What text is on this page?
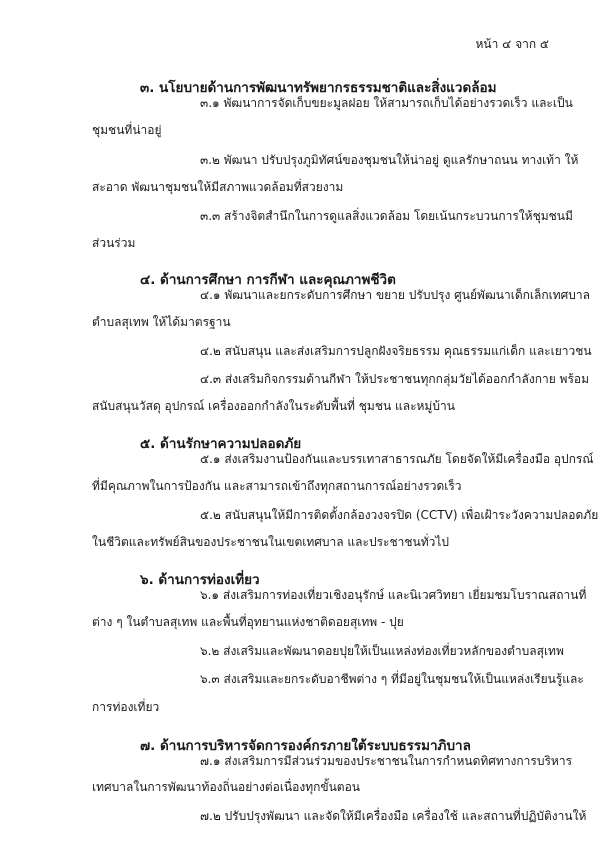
หน้า ๔ จาก ๕
๓. นโยบายด้านการพัฒนาทรัพยากรธรรมชาติและสิ่งแวดล้อม
๓.๑ พัฒนาการจัดเก็บขยะมูลฝอย ให้สามารถเก็บได้อย่างรวดเร็ว และเป็น
ชุมชนที่น่าอยู่
๓.๒ พัฒนา ปรับปรุงภูมิทัศน์ของชุมชนให้น่าอยู่ ดูแลรักษาถนน ทางเท้า ให้
สะอาด พัฒนาชุมชนให้มีสภาพแวดล้อมที่สวยงาม
๓.๓ สร้างจิตสำนึกในการดูแลสิ่งแวดล้อม โดยเน้นกระบวนการให้ชุมชนมี
ส่วนร่วม
๔. ด้านการศึกษา การกีฬา และคุณภาพชีวิต
๔.๑ พัฒนาและยกระดับการศึกษา ขยาย ปรับปรุง ศูนย์พัฒนาเด็กเล็กเทศบาล
ตำบลสุเทพ ให้ได้มาตรฐาน
๔.๒ สนับสนุน และส่งเสริมการปลูกฝังจริยธรรม คุณธรรมแก่เด็ก และเยาวชน
๔.๓ ส่งเสริมกิจกรรมด้านกีฬา ให้ประชาชนทุกกลุ่มวัยได้ออกกำลังกาย พร้อม
สนับสนุนวัสดุ อุปกรณ์ เครื่องออกกำลังในระดับพื้นที่ ชุมชน และหมู่บ้าน
๕. ด้านรักษาความปลอดภัย
๕.๑ ส่งเสริมงานป้องกันและบรรเทาสาธารณภัย โดยจัดให้มีเครื่องมือ อุปกรณ์
ที่มีคุณภาพในการป้องกัน และสามารถเข้าถึงทุกสถานการณ์อย่างรวดเร็ว
๕.๒ สนับสนุนให้มีการติดตั้งกล้องวงจรปิด (CCTV) เพื่อเฝ้าระวังความปลอดภัย
ในชีวิตและทรัพย์สินของประชาชนในเขตเทศบาล และประชาชนทั่วไป
๖. ด้านการท่องเที่ยว
๖.๑ ส่งเสริมการท่องเที่ยวเชิงอนุรักษ์ และนิเวศวิทยา เยี่ยมชมโบราณสถานที่
ต่าง ๆ ในตำบลสุเทพ และพื้นที่อุทยานแห่งชาติดอยสุเทพ - ปุย
๖.๒ ส่งเสริมและพัฒนาดอยปุยให้เป็นแหล่งท่องเที่ยวหลักของตำบลสุเทพ
๖.๓ ส่งเสริมและยกระดับอาชีพต่าง ๆ ที่มีอยู่ในชุมชนให้เป็นแหล่งเรียนรู้และ
การท่องเที่ยว
๗. ด้านการบริหารจัดการองค์กรภายใต้ระบบธรรมาภิบาล
๗.๑ ส่งเสริมการมีส่วนร่วมของประชาชนในการกำหนดทิศทางการบริหาร
เทศบาลในการพัฒนาท้องถิ่นอย่างต่อเนื่องทุกขั้นตอน
๗.๒ ปรับปรุงพัฒนา และจัดให้มีเครื่องมือ เครื่องใช้ และสถานที่ปฏิบัติงานให้
